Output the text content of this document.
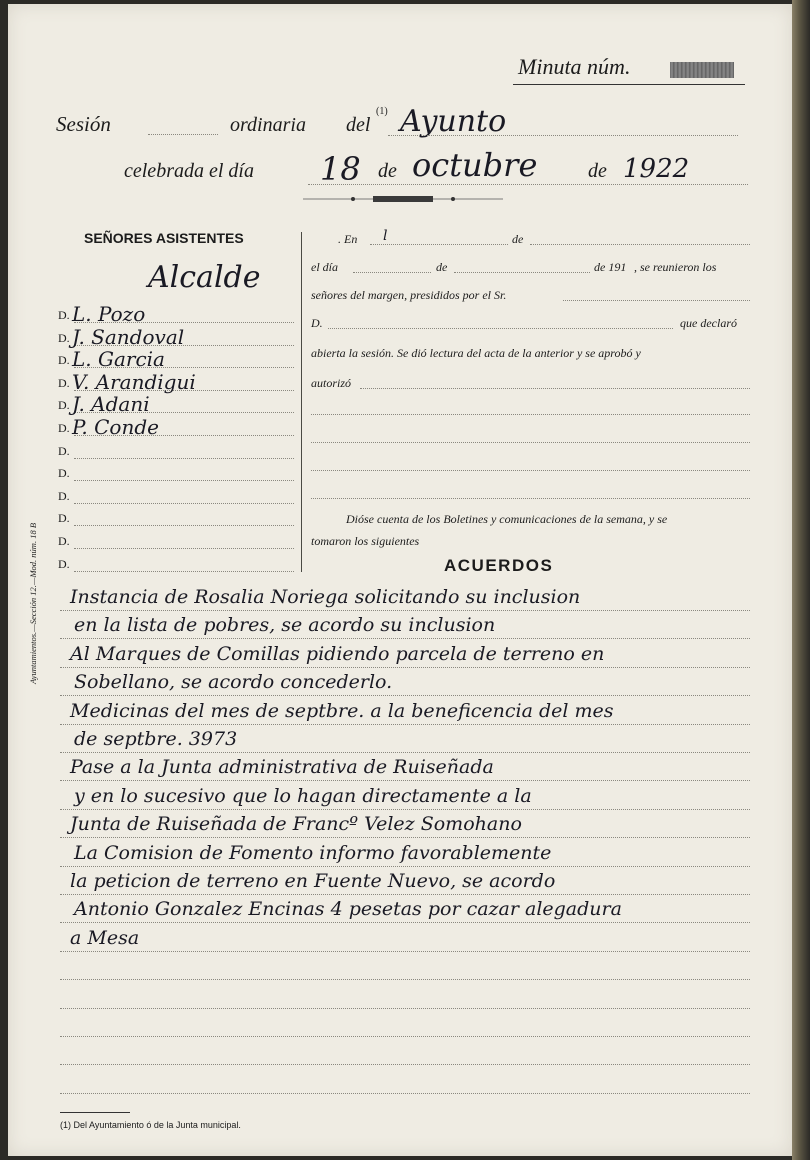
Minuta núm.
Sesión	ordinaria del
(1) Ayunto
celebrada el día 18 de octubre	de 1922
SEÑORES ASISTENTES
Alcalde
D. L. Pozo
D. J. Sandoval
D. L. Garcia
D. V. Arandigui
D. J. Adani
D. P. Conde
D.
D.
D.
D.
D.
D.
. En l	de
el día	de	de 191 , se reunieron los
señores del margen, presididos por el Sr.
D.	que declaró
abierta la sesión. Se dió lectura del acta de la anterior y se aprobó y
autorizó
Dióse cuenta de los Boletines y comunicaciones de la semana, y se
tomaron los siguientes
ACUERDOS
Instancia de Rosalia Noriega solicitando su inclusion
en la lista de pobres, se acordo su inclusion
Al Marques de Comillas pidiendo parcela de terreno en
Sobellano, se acordo concederlo.
Medicinas del mes de septbre. a la beneficencia del mes
de septbre. 3973
Pase a la Junta administrativa de Ruiseñada
y en lo sucesivo que lo hagan directamente a la
Junta de Ruiseñada de Francº Velez Somohano
La Comision de Fomento informo favorablemente
la peticion de terreno en Fuente Nuevo, se acordo
Antonio Gonzalez Encinas 4 pesetas por cazar alegadura
a Mesa
(1) Del Ayuntamiento ó de la Junta municipal.
Ayuntamientos.—Sección 12.—Mod. núm. 18 B
